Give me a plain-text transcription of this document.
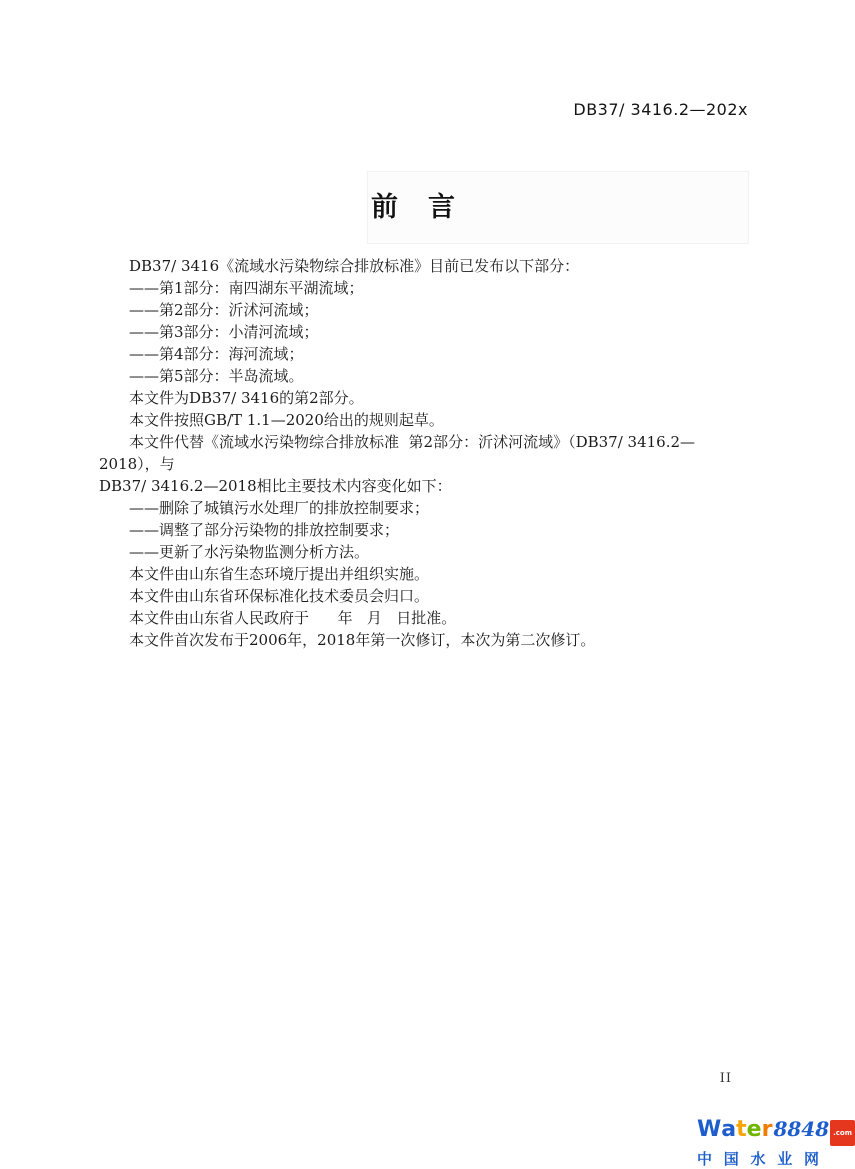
DB37/ 3416.2—202x
前 言

DB37/ 3416《流域水污染物综合排放标准》目前已发布以下部分：

——第1部分：南四湖东平湖流域；

——第2部分：沂沭河流域；

——第3部分：小清河流域；

——第4部分：海河流域；

——第5部分：半岛流域。

本文件为DB37/ 3416的第2部分。

本文件按照GB/T 1.1—2020给出的规则起草。

本文件代替《流域水污染物综合排放标准  第2部分：沂沭河流域》（DB37/ 3416.2—2018），与

DB37/ 3416.2—2018相比主要技术内容变化如下：

——删除了城镇污水处理厂的排放控制要求；

——调整了部分污染物的排放控制要求；

——更新了水污染物监测分析方法。

本文件由山东省生态环境厅提出并组织实施。

本文件由山东省环保标准化技术委员会归口。

本文件由山东省人民政府于      年   月   日批准。

本文件首次发布于2006年，2018年第一次修订，本次为第二次修订。

II
W a t e r 8848 .com
中 国 水 业 网
